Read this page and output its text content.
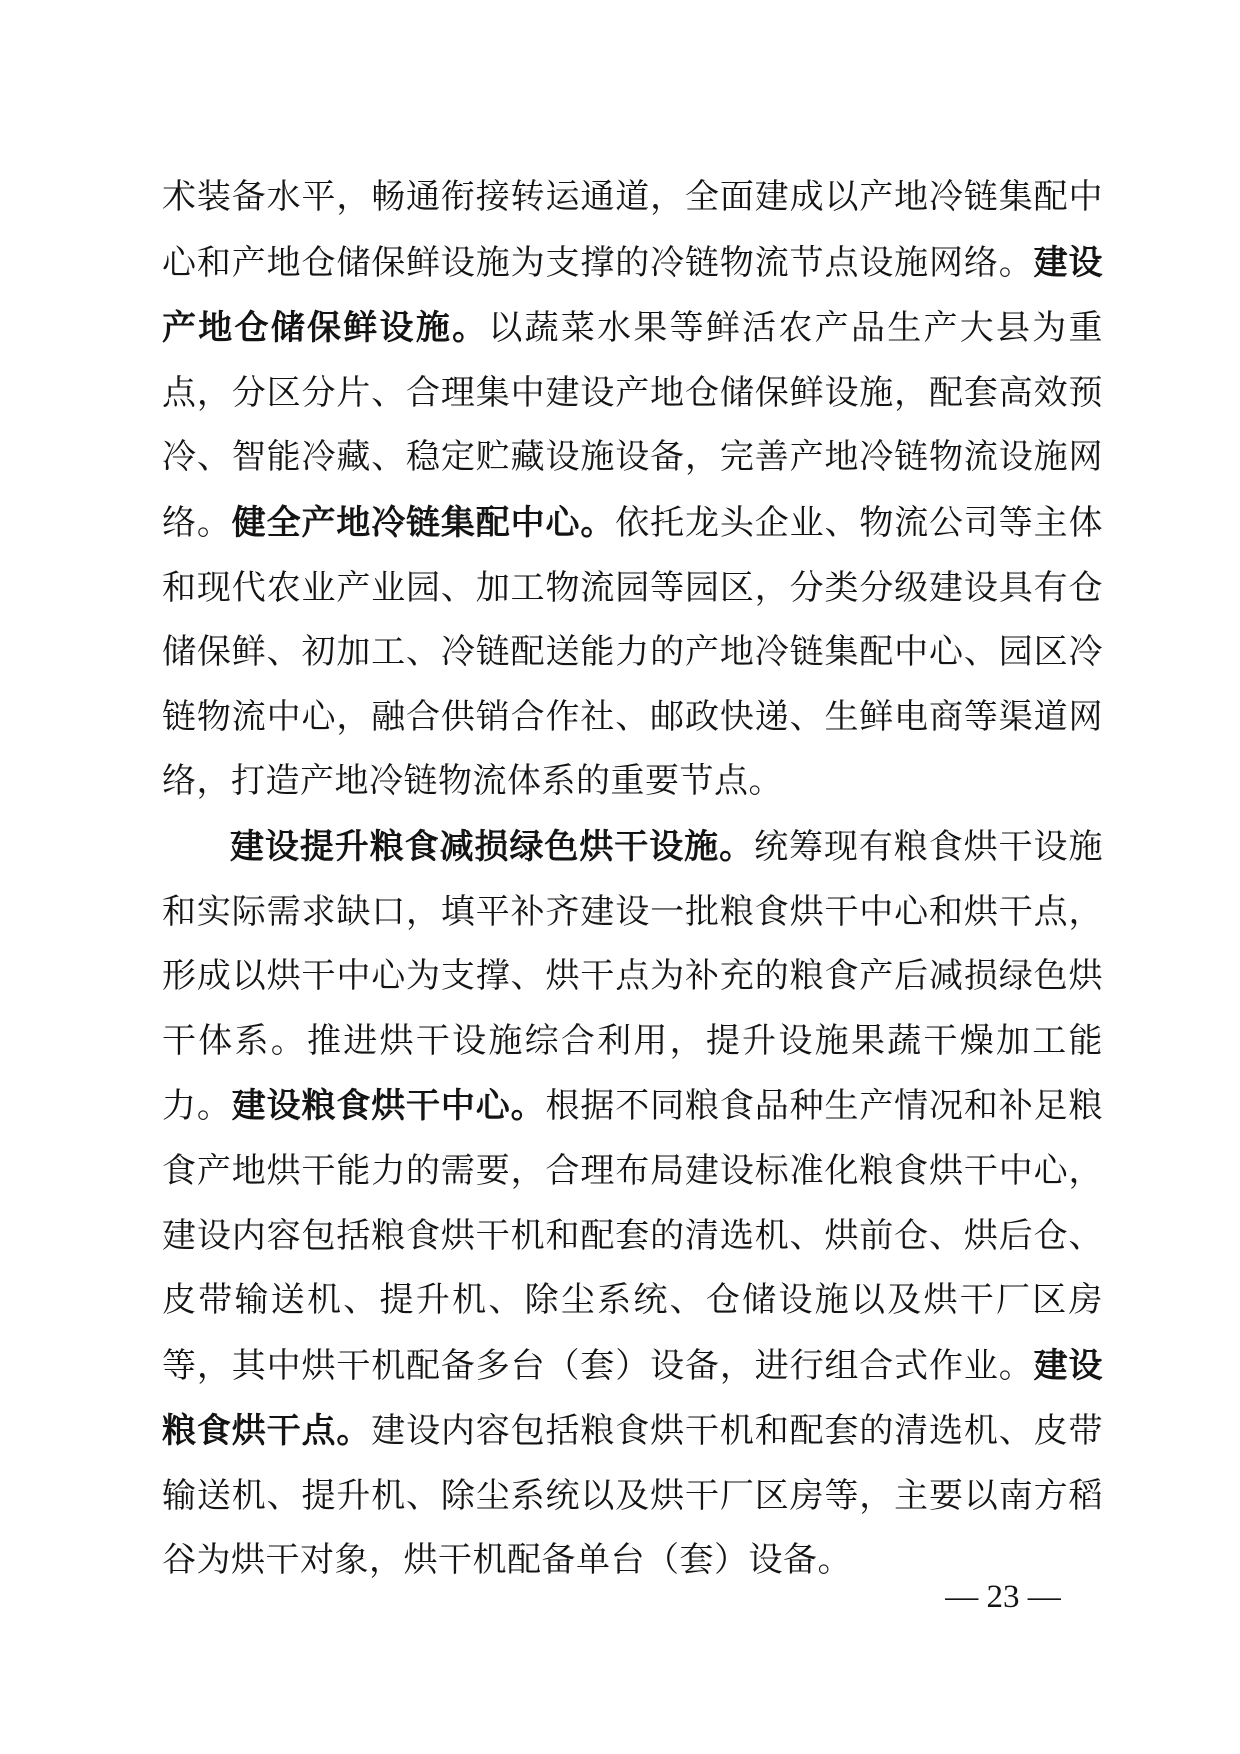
术装备水平，畅通衔接转运通道，全面建成以产地冷链集配中心和产地仓储保鲜设施为支撑的冷链物流节点设施网络。建设产地仓储保鲜设施。以蔬菜水果等鲜活农产品生产大县为重点，分区分片、合理集中建设产地仓储保鲜设施，配套高效预冷、智能冷藏、稳定贮藏设施设备，完善产地冷链物流设施网络。健全产地冷链集配中心。依托龙头企业、物流公司等主体和现代农业产业园、加工物流园等园区，分类分级建设具有仓储保鲜、初加工、冷链配送能力的产地冷链集配中心、园区冷链物流中心，融合供销合作社、邮政快递、生鲜电商等渠道网络，打造产地冷链物流体系的重要节点。

建设提升粮食减损绿色烘干设施。统筹现有粮食烘干设施和实际需求缺口，填平补齐建设一批粮食烘干中心和烘干点，形成以烘干中心为支撑、烘干点为补充的粮食产后减损绿色烘干体系。推进烘干设施综合利用，提升设施果蔬干燥加工能力。建设粮食烘干中心。根据不同粮食品种生产情况和补足粮食产地烘干能力的需要，合理布局建设标准化粮食烘干中心，建设内容包括粮食烘干机和配套的清选机、烘前仓、烘后仓、皮带输送机、提升机、除尘系统、仓储设施以及烘干厂区房等，其中烘干机配备多台（套）设备，进行组合式作业。建设粮食烘干点。建设内容包括粮食烘干机和配套的清选机、皮带输送机、提升机、除尘系统以及烘干厂区房等，主要以南方稻谷为烘干对象，烘干机配备单台（套）设备。

— 23 —
